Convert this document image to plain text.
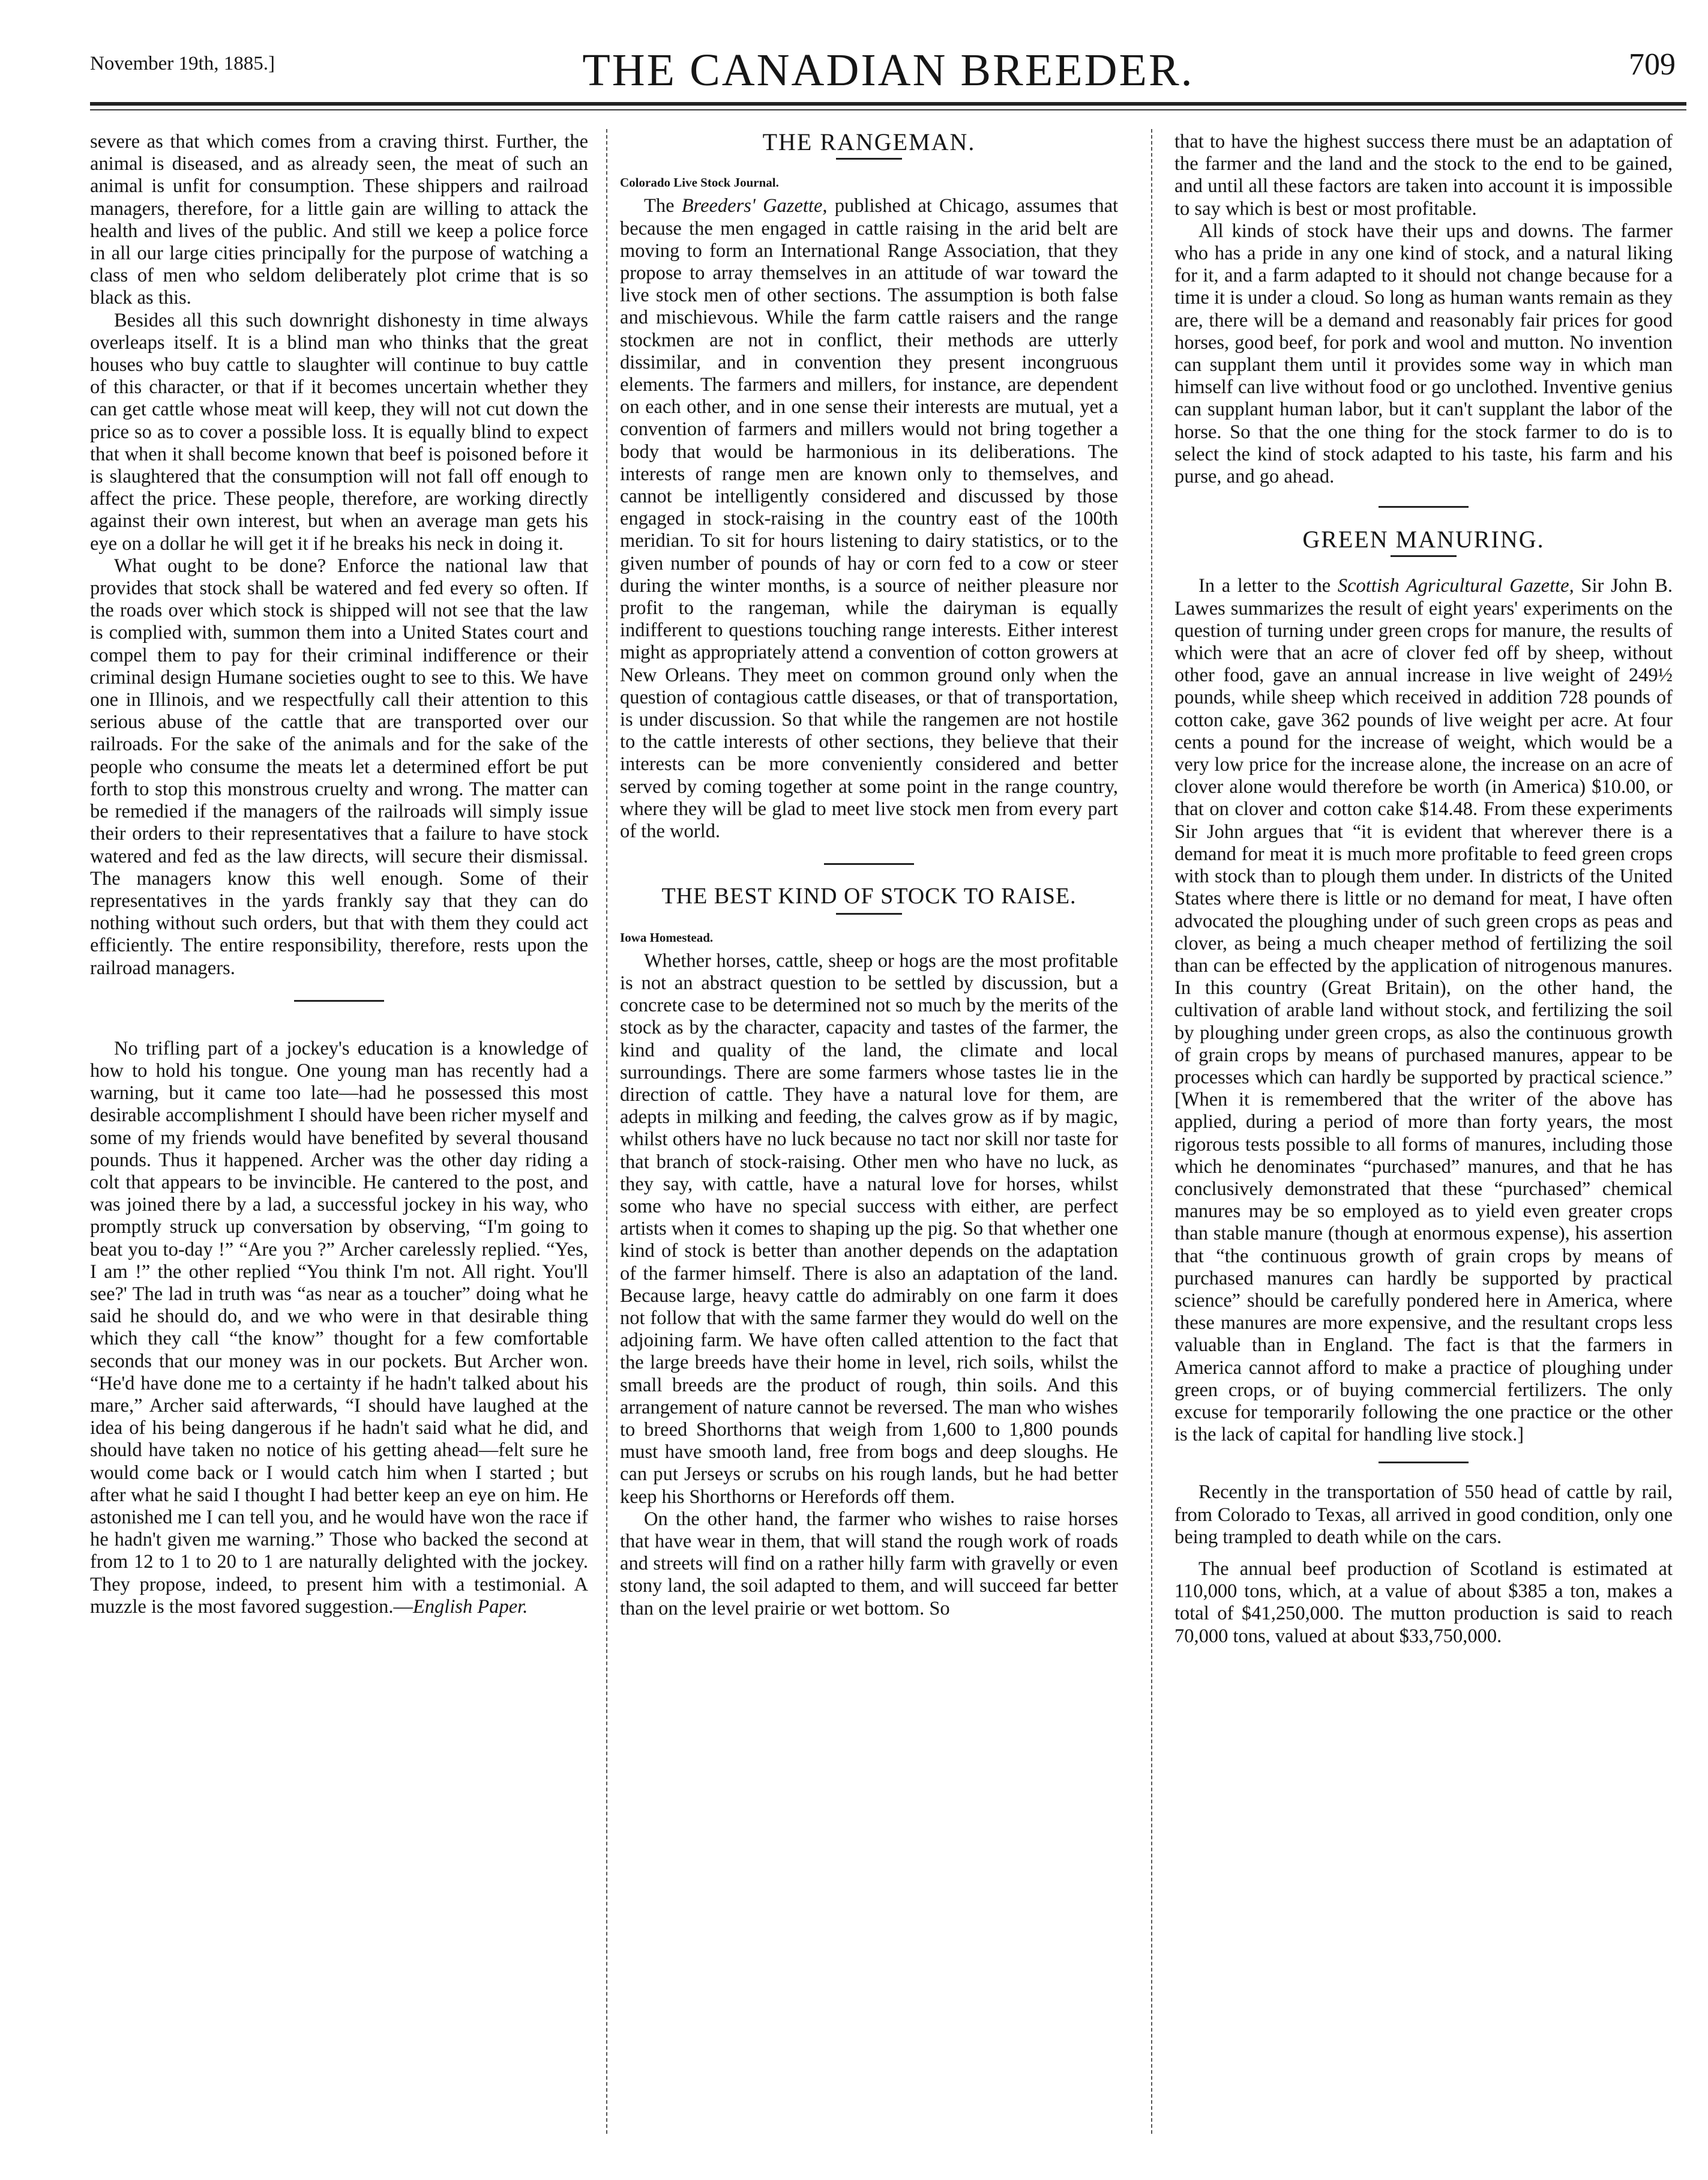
November 19th, 1885.]	THE CANADIAN BREEDER.	709

severe as that which comes from a craving thirst. Further, the animal is diseased, and as already seen, the meat of such an animal is unfit for consumption. These shippers and railroad managers, therefore, for a little gain are willing to attack the health and lives of the public. And still we keep a police force in all our large cities principally for the purpose of watching a class of men who seldom deliberately plot crime that is so black as this.

Besides all this such downright dishonesty in time always overleaps itself. It is a blind man who thinks that the great houses who buy cattle to slaughter will continue to buy cattle of this character, or that if it becomes uncertain whether they can get cattle whose meat will keep, they will not cut down the price so as to cover a possible loss. It is equally blind to expect that when it shall become known that beef is poisoned before it is slaughtered that the consumption will not fall off enough to affect the price. These people, therefore, are working directly against their own interest, but when an average man gets his eye on a dollar he will get it if he breaks his neck in doing it.

What ought to be done? Enforce the national law that provides that stock shall be watered and fed every so often. If the roads over which stock is shipped will not see that the law is complied with, summon them into a United States court and compel them to pay for their criminal indifference or their criminal design Humane societies ought to see to this. We have one in Illinois, and we respectfully call their attention to this serious abuse of the cattle that are transported over our railroads. For the sake of the animals and for the sake of the people who consume the meats let a determined effort be put forth to stop this monstrous cruelty and wrong. The matter can be remedied if the managers of the railroads will simply issue their orders to their representatives that a failure to have stock watered and fed as the law directs, will secure their dismissal. The managers know this well enough. Some of their representatives in the yards frankly say that they can do nothing without such orders, but that with them they could act efficiently. The entire responsibility, therefore, rests upon the railroad managers.

No trifling part of a jockey's education is a knowledge of how to hold his tongue. One young man has recently had a warning, but it came too late—had he possessed this most desirable accomplishment I should have been richer myself and some of my friends would have benefited by several thousand pounds. Thus it happened. Archer was the other day riding a colt that appears to be invincible. He cantered to the post, and was joined there by a lad, a successful jockey in his way, who promptly struck up conversation by observing, “I'm going to beat you to-day !” “Are you ?” Archer carelessly replied. “Yes, I am !” the other replied “You think I'm not. All right. You'll see?' The lad in truth was “as near as a toucher” doing what he said he should do, and we who were in that desirable thing which they call “the know” thought for a few comfortable seconds that our money was in our pockets. But Archer won. “He'd have done me to a certainty if he hadn't talked about his mare,” Archer said afterwards, “I should have laughed at the idea of his being dangerous if he hadn't said what he did, and should have taken no notice of his getting ahead—felt sure he would come back or I would catch him when I started ; but after what he said I thought I had better keep an eye on him. He astonished me I can tell you, and he would have won the race if he hadn't given me warning.” Those who backed the second at from 12 to 1 to 20 to 1 are naturally delighted with the jockey. They propose, indeed, to present him with a testimonial. A muzzle is the most favored suggestion.—English Paper.

THE RANGEMAN.

Colorado Live Stock Journal.

The Breeders' Gazette, published at Chicago, assumes that because the men engaged in cattle raising in the arid belt are moving to form an International Range Association, that they propose to array themselves in an attitude of war toward the live stock men of other sections. The assumption is both false and mischievous. While the farm cattle raisers and the range stockmen are not in conflict, their methods are utterly dissimilar, and in convention they present incongruous elements. The farmers and millers, for instance, are dependent on each other, and in one sense their interests are mutual, yet a convention of farmers and millers would not bring together a body that would be harmonious in its deliberations. The interests of range men are known only to themselves, and cannot be intelligently considered and discussed by those engaged in stock-raising in the country east of the 100th meridian. To sit for hours listening to dairy statistics, or to the given number of pounds of hay or corn fed to a cow or steer during the winter months, is a source of neither pleasure nor profit to the rangeman, while the dairyman is equally indifferent to questions touching range interests. Either interest might as appropriately attend a convention of cotton growers at New Orleans. They meet on common ground only when the question of contagious cattle diseases, or that of transportation, is under discussion. So that while the rangemen are not hostile to the cattle interests of other sections, they believe that their interests can be more conveniently considered and better served by coming together at some point in the range country, where they will be glad to meet live stock men from every part of the world.

THE BEST KIND OF STOCK TO RAISE.

Iowa Homestead.

Whether horses, cattle, sheep or hogs are the most profitable is not an abstract question to be settled by discussion, but a concrete case to be determined not so much by the merits of the stock as by the character, capacity and tastes of the farmer, the kind and quality of the land, the climate and local surroundings. There are some farmers whose tastes lie in the direction of cattle. They have a natural love for them, are adepts in milking and feeding, the calves grow as if by magic, whilst others have no luck because no tact nor skill nor taste for that branch of stock-raising. Other men who have no luck, as they say, with cattle, have a natural love for horses, whilst some who have no special success with either, are perfect artists when it comes to shaping up the pig. So that whether one kind of stock is better than another depends on the adaptation of the farmer himself. There is also an adaptation of the land. Because large, heavy cattle do admirably on one farm it does not follow that with the same farmer they would do well on the adjoining farm. We have often called attention to the fact that the large breeds have their home in level, rich soils, whilst the small breeds are the product of rough, thin soils. And this arrangement of nature cannot be reversed. The man who wishes to breed Shorthorns that weigh from 1,600 to 1,800 pounds must have smooth land, free from bogs and deep sloughs. He can put Jerseys or scrubs on his rough lands, but he had better keep his Shorthorns or Herefords off them.

On the other hand, the farmer who wishes to raise horses that have wear in them, that will stand the rough work of roads and streets will find on a rather hilly farm with gravelly or even stony land, the soil adapted to them, and will succeed far better than on the level prairie or wet bottom. So

that to have the highest success there must be an adaptation of the farmer and the land and the stock to the end to be gained, and until all these factors are taken into account it is impossible to say which is best or most profitable.

All kinds of stock have their ups and downs. The farmer who has a pride in any one kind of stock, and a natural liking for it, and a farm adapted to it should not change because for a time it is under a cloud. So long as human wants remain as they are, there will be a demand and reasonably fair prices for good horses, good beef, for pork and wool and mutton. No invention can supplant them until it provides some way in which man himself can live without food or go unclothed. Inventive genius can supplant human labor, but it can't supplant the labor of the horse. So that the one thing for the stock farmer to do is to select the kind of stock adapted to his taste, his farm and his purse, and go ahead.

GREEN MANURING.

In a letter to the Scottish Agricultural Gazette, Sir John B. Lawes summarizes the result of eight years' experiments on the question of turning under green crops for manure, the results of which were that an acre of clover fed off by sheep, without other food, gave an annual increase in live weight of 249½ pounds, while sheep which received in addition 728 pounds of cotton cake, gave 362 pounds of live weight per acre. At four cents a pound for the increase of weight, which would be a very low price for the increase alone, the increase on an acre of clover alone would therefore be worth (in America) $10.00, or that on clover and cotton cake $14.48. From these experiments Sir John argues that “it is evident that wherever there is a demand for meat it is much more profitable to feed green crops with stock than to plough them under. In districts of the United States where there is little or no demand for meat, I have often advocated the ploughing under of such green crops as peas and clover, as being a much cheaper method of fertilizing the soil than can be effected by the application of nitrogenous manures. In this country (Great Britain), on the other hand, the cultivation of arable land without stock, and fertilizing the soil by ploughing under green crops, as also the continuous growth of grain crops by means of purchased manures, appear to be processes which can hardly be supported by practical science.” [When it is remembered that the writer of the above has applied, during a period of more than forty years, the most rigorous tests possible to all forms of manures, including those which he denominates “purchased” manures, and that he has conclusively demonstrated that these “purchased” chemical manures may be so employed as to yield even greater crops than stable manure (though at enormous expense), his assertion that “the continuous growth of grain crops by means of purchased manures can hardly be supported by practical science” should be carefully pondered here in America, where these manures are more expensive, and the resultant crops less valuable than in England. The fact is that the farmers in America cannot afford to make a practice of ploughing under green crops, or of buying commercial fertilizers. The only excuse for temporarily following the one practice or the other is the lack of capital for handling live stock.]

Recently in the transportation of 550 head of cattle by rail, from Colorado to Texas, all arrived in good condition, only one being trampled to death while on the cars.

The annual beef production of Scotland is estimated at 110,000 tons, which, at a value of about $385 a ton, makes a total of $41,250,000. The mutton production is said to reach 70,000 tons, valued at about $33,750,000.
